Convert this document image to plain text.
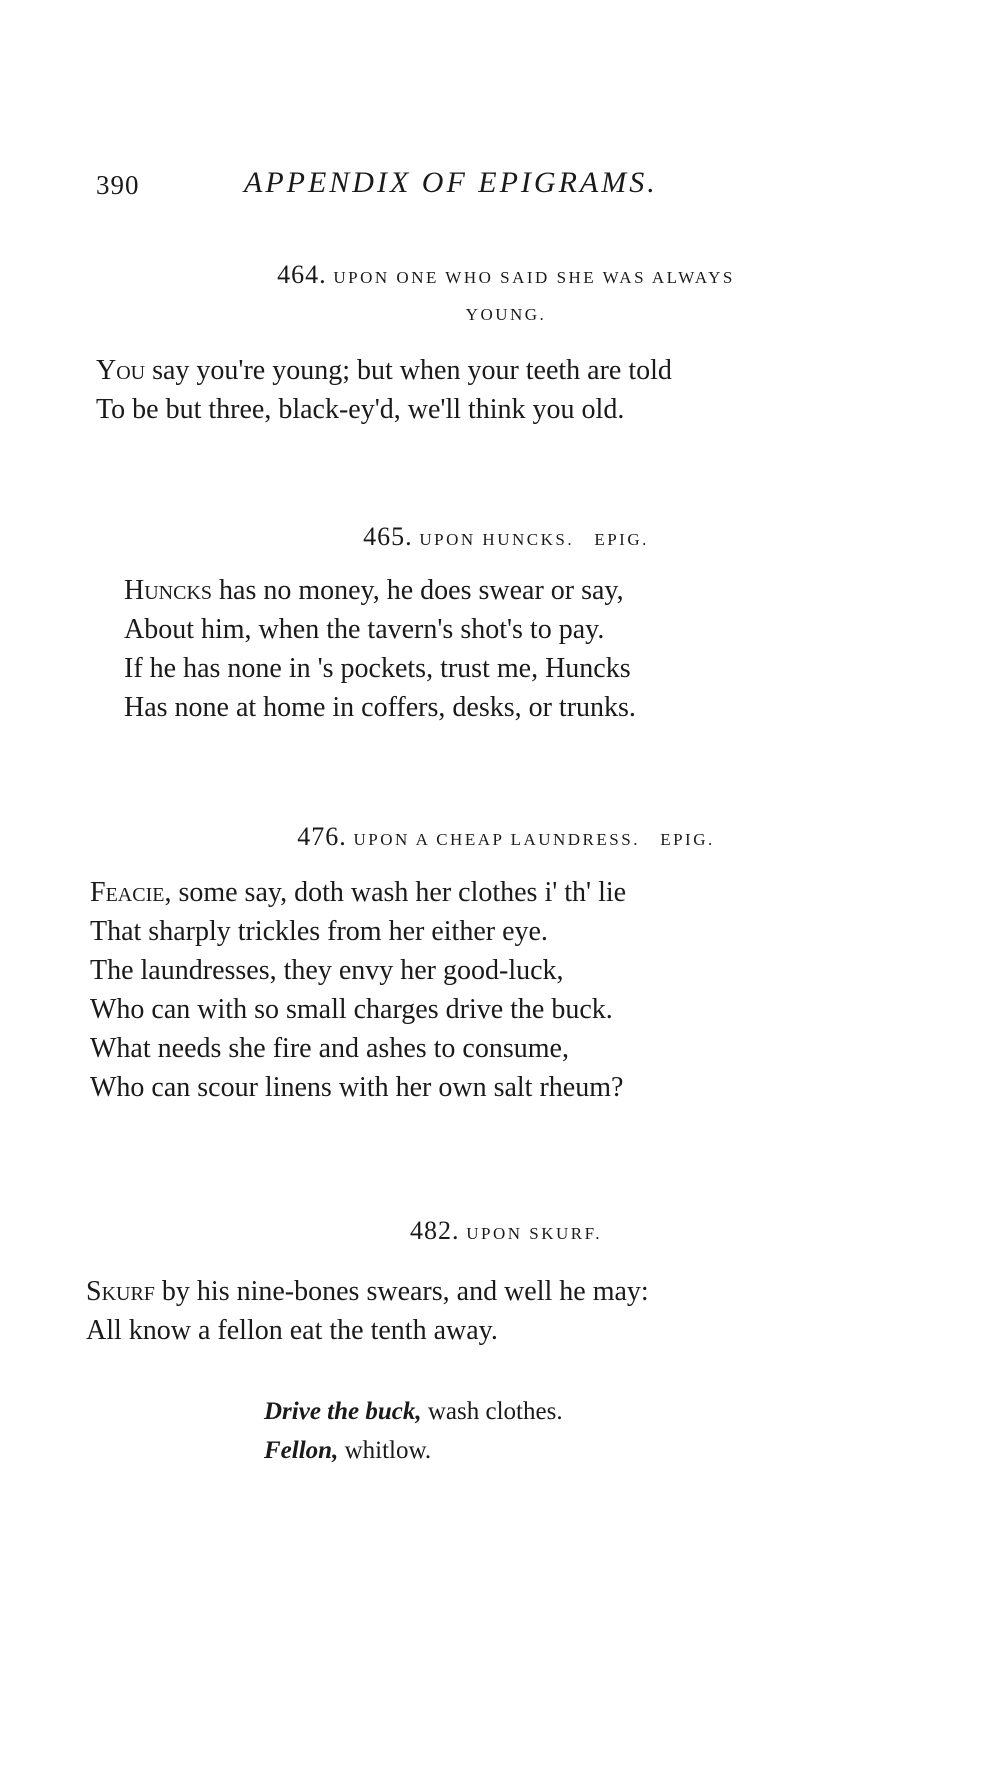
390	APPENDIX OF EPIGRAMS.
464. UPON ONE WHO SAID SHE WAS ALWAYS
YOUNG.
You say you're young; but when your teeth are told
To be but three, black-ey'd, we'll think you old.
465. UPON HUNCKS.   EPIG.
Huncks has no money, he does swear or say,
About him, when the tavern's shot's to pay.
If he has none in 's pockets, trust me, Huncks
Has none at home in coffers, desks, or trunks.
476. UPON A CHEAP LAUNDRESS.   EPIG.
Feacie, some say, doth wash her clothes i' th' lie
That sharply trickles from her either eye.
The laundresses, they envy her good-luck,
Who can with so small charges drive the buck.
What needs she fire and ashes to consume,
Who can scour linens with her own salt rheum?
482. UPON SKURF.
Skurf by his nine-bones swears, and well he may:
All know a fellon eat the tenth away.
Drive the buck, wash clothes.
Fellon, whitlow.
